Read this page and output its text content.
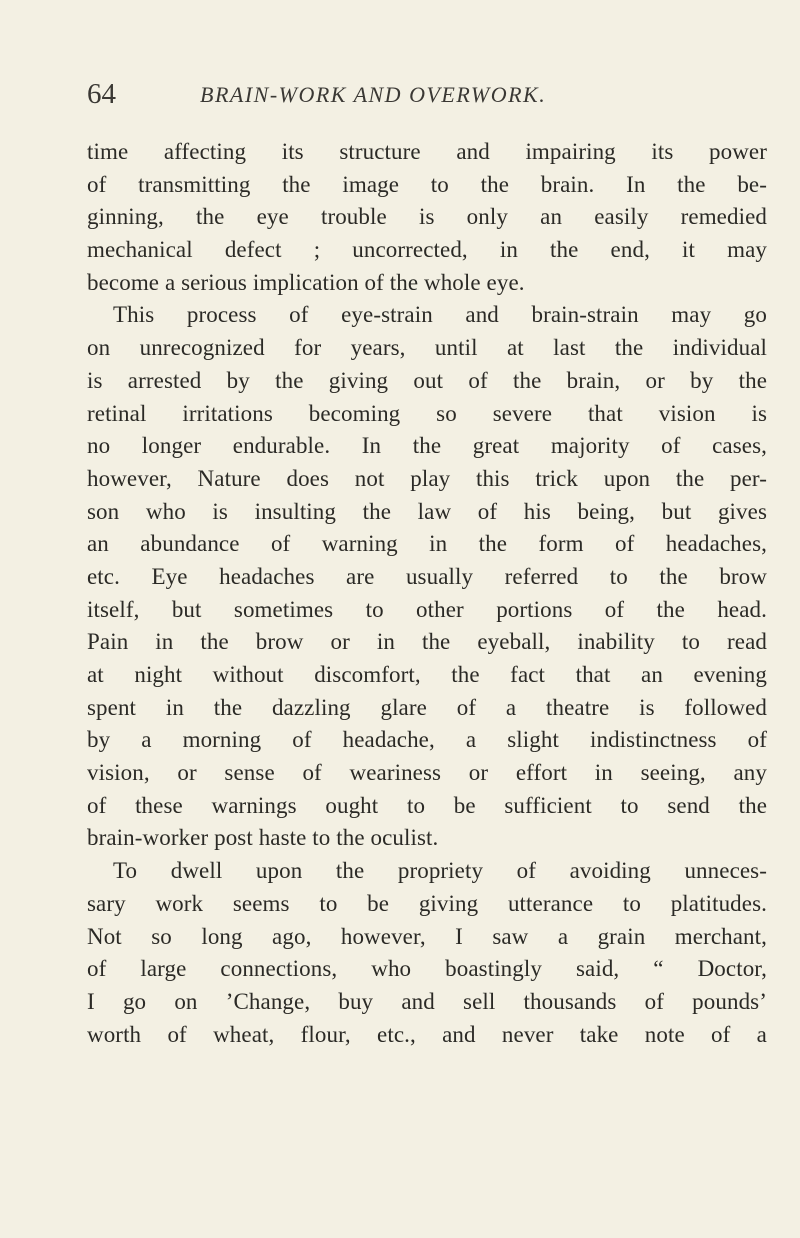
64	BRAIN-WORK AND OVERWORK.
time affecting its structure and impairing its power
of transmitting the image to the brain. In the be-
ginning, the eye trouble is only an easily remedied
mechanical defect ; uncorrected, in the end, it may
become a serious implication of the whole eye.
This process of eye-strain and brain-strain may go
on unrecognized for years, until at last the individual
is arrested by the giving out of the brain, or by the
retinal irritations becoming so severe that vision is
no longer endurable. In the great majority of cases,
however, Nature does not play this trick upon the per-
son who is insulting the law of his being, but gives
an abundance of warning in the form of headaches,
etc. Eye headaches are usually referred to the brow
itself, but sometimes to other portions of the head.
Pain in the brow or in the eyeball, inability to read
at night without discomfort, the fact that an evening
spent in the dazzling glare of a theatre is followed
by a morning of headache, a slight indistinctness of
vision, or sense of weariness or effort in seeing, any
of these warnings ought to be sufficient to send the
brain-worker post haste to the oculist.
To dwell upon the propriety of avoiding unneces-
sary work seems to be giving utterance to platitudes.
Not so long ago, however, I saw a grain merchant,
of large connections, who boastingly said, “ Doctor,
I go on ’Change, buy and sell thousands of pounds’
worth of wheat, flour, etc., and never take note of a
